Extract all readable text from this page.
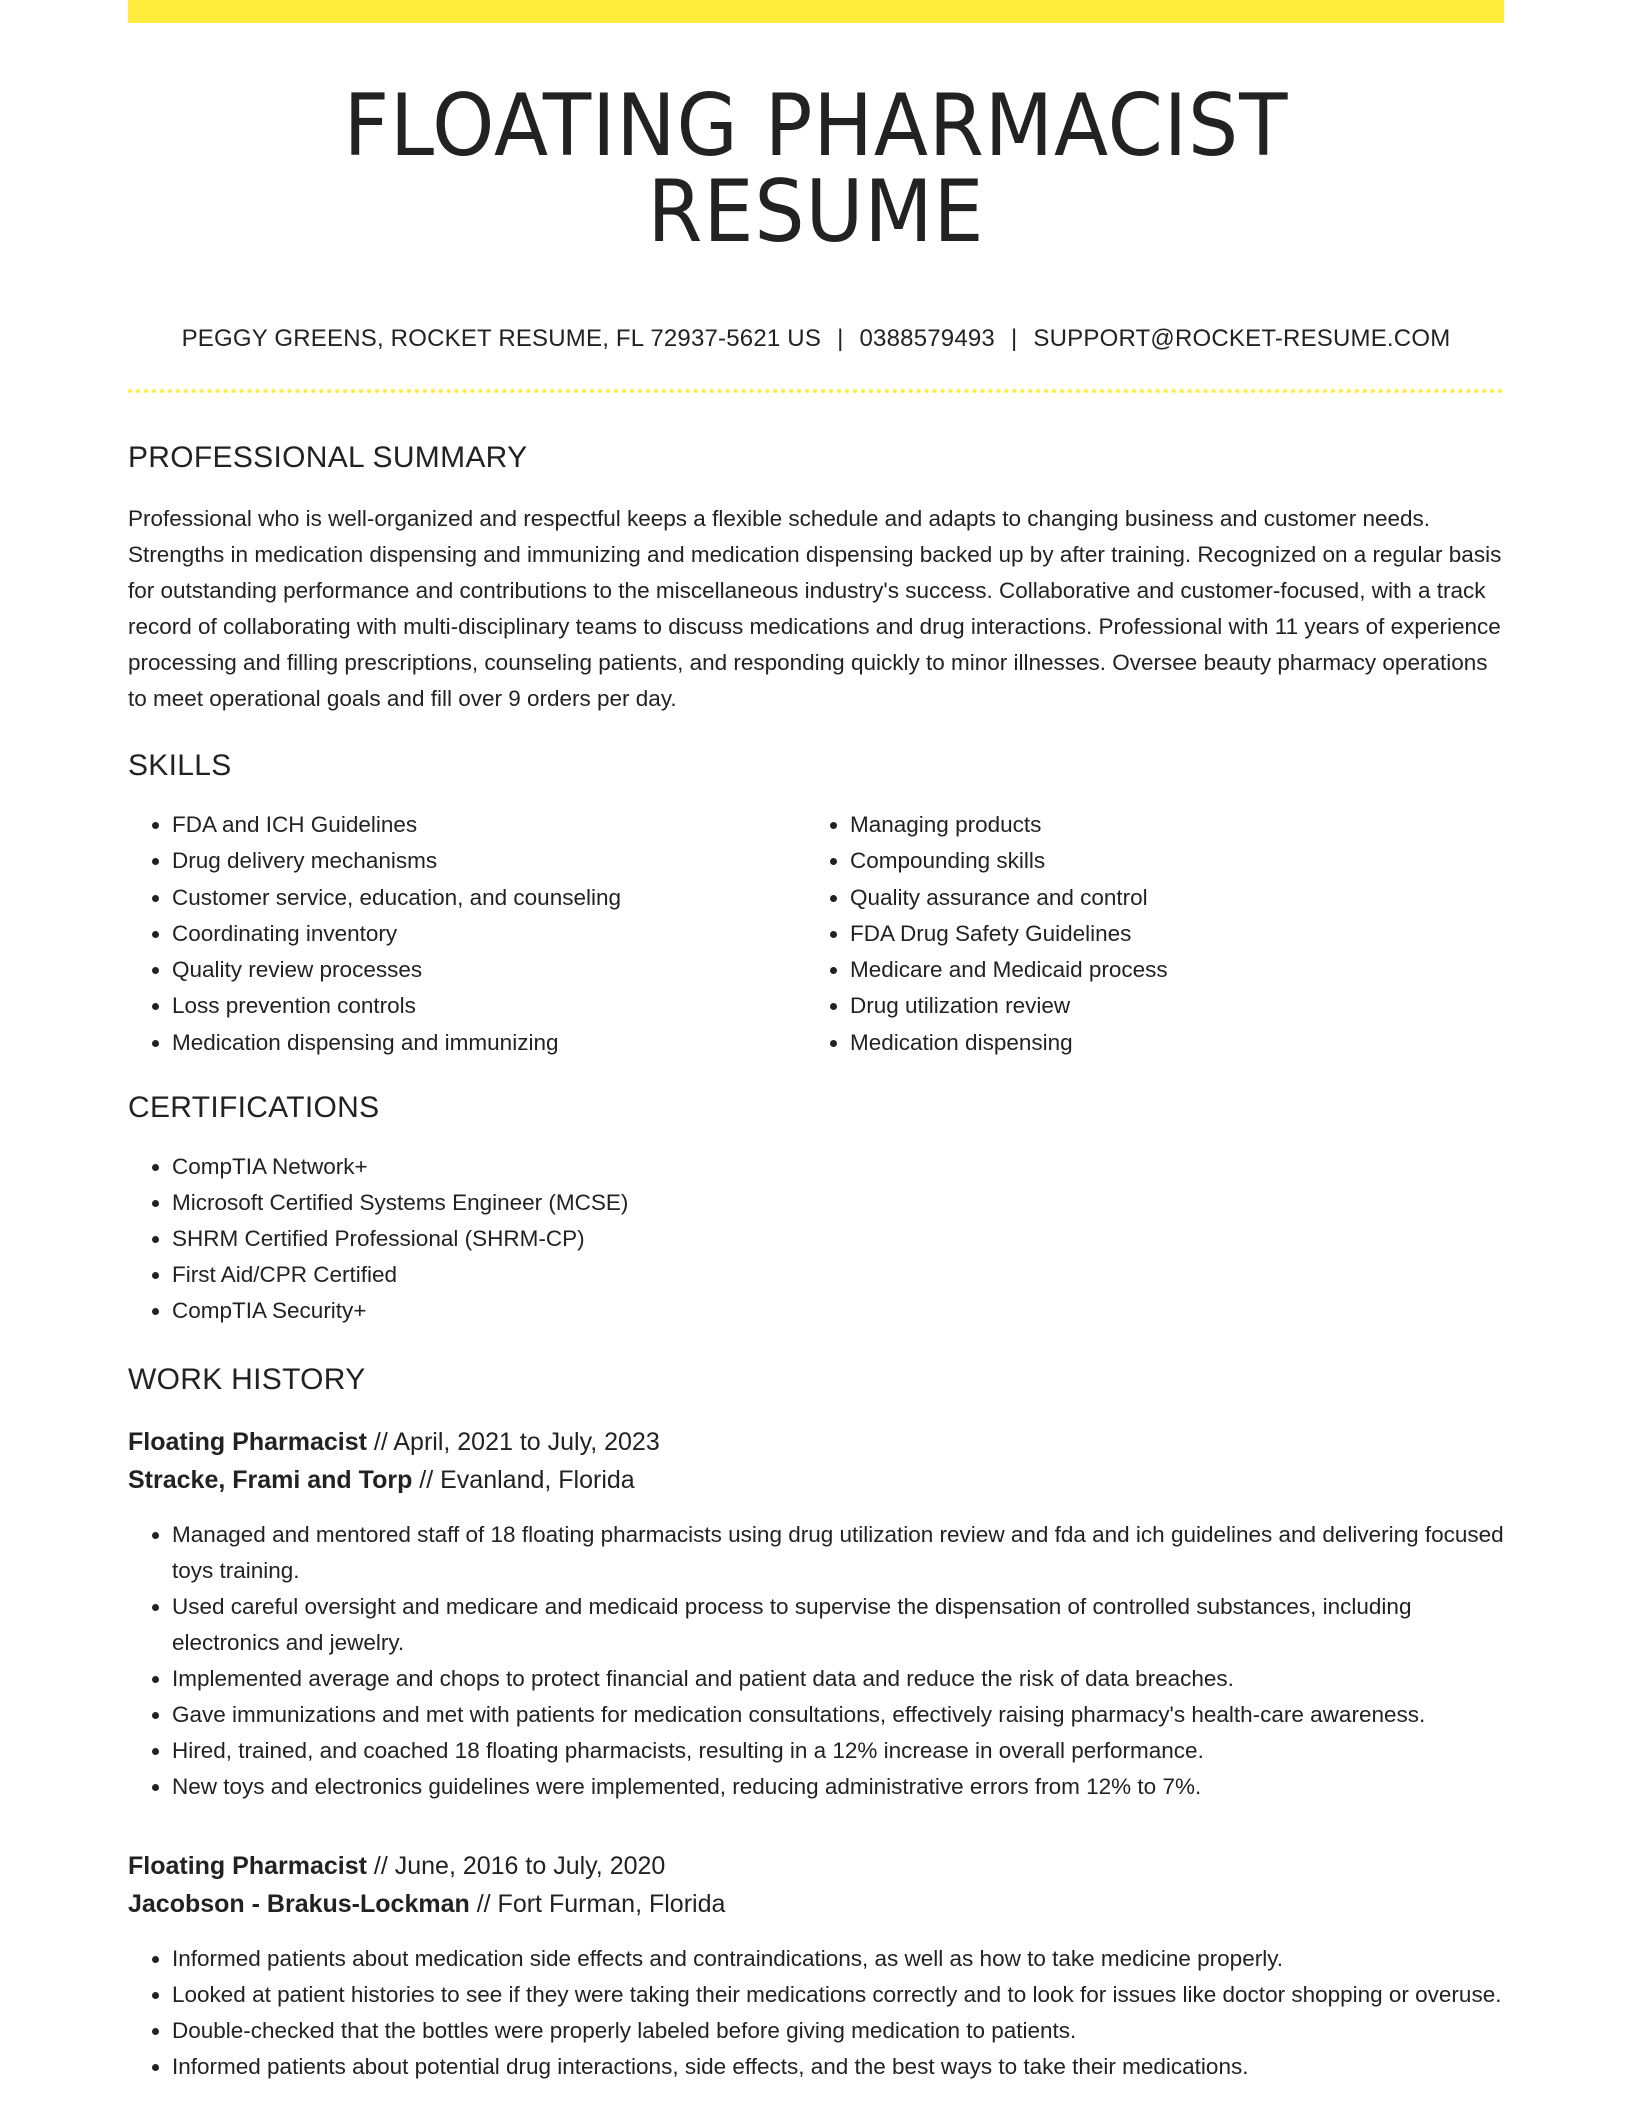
FLOATING PHARMACIST RESUME
PEGGY GREENS, ROCKET RESUME, FL 72937-5621 US | 0388579493 | SUPPORT@ROCKET-RESUME.COM
PROFESSIONAL SUMMARY

Professional who is well-organized and respectful keeps a flexible schedule and adapts to changing business and customer needs. Strengths in medication dispensing and immunizing and medication dispensing backed up by after training. Recognized on a regular basis for outstanding performance and contributions to the miscellaneous industry's success. Collaborative and customer-focused, with a track record of collaborating with multi-disciplinary teams to discuss medications and drug interactions. Professional with 11 years of experience processing and filling prescriptions, counseling patients, and responding quickly to minor illnesses. Oversee beauty pharmacy operations to meet operational goals and fill over 9 orders per day.

SKILLS
• FDA and ICH Guidelines
• Drug delivery mechanisms
• Customer service, education, and counseling
• Coordinating inventory
• Quality review processes
• Loss prevention controls
• Medication dispensing and immunizing
• Managing products
• Compounding skills
• Quality assurance and control
• FDA Drug Safety Guidelines
• Medicare and Medicaid process
• Drug utilization review
• Medication dispensing
CERTIFICATIONS
• CompTIA Network+
• Microsoft Certified Systems Engineer (MCSE)
• SHRM Certified Professional (SHRM-CP)
• First Aid/CPR Certified
• CompTIA Security+
WORK HISTORY
Floating Pharmacist // April, 2021 to July, 2023
Stracke, Frami and Torp // Evanland, Florida
• Managed and mentored staff of 18 floating pharmacists using drug utilization review and fda and ich guidelines and delivering focused toys training.
• Used careful oversight and medicare and medicaid process to supervise the dispensation of controlled substances, including electronics and jewelry.
• Implemented average and chops to protect financial and patient data and reduce the risk of data breaches.
• Gave immunizations and met with patients for medication consultations, effectively raising pharmacy's health-care awareness.
• Hired, trained, and coached 18 floating pharmacists, resulting in a 12% increase in overall performance.
• New toys and electronics guidelines were implemented, reducing administrative errors from 12% to 7%.
Floating Pharmacist // June, 2016 to July, 2020
Jacobson - Brakus-Lockman // Fort Furman, Florida
• Informed patients about medication side effects and contraindications, as well as how to take medicine properly.
• Looked at patient histories to see if they were taking their medications correctly and to look for issues like doctor shopping or overuse.
• Double-checked that the bottles were properly labeled before giving medication to patients.
• Informed patients about potential drug interactions, side effects, and the best ways to take their medications.
